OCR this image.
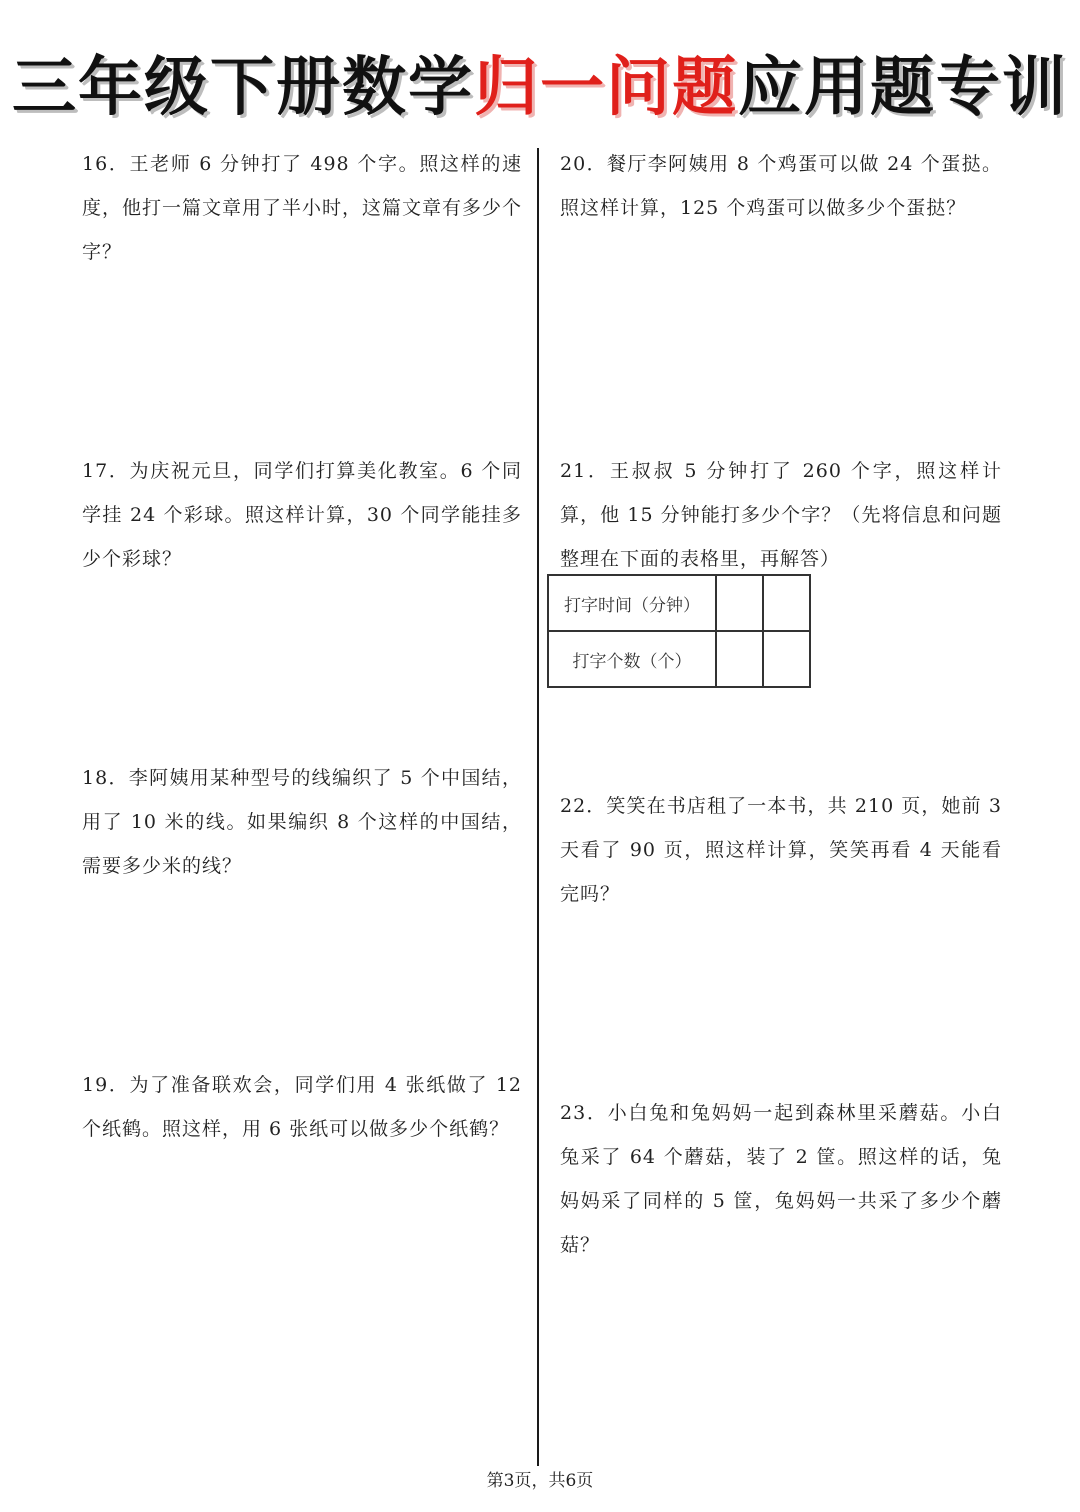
三年级下册数学归一问题应用题专训
16．王老师 6 分钟打了 498 个字。照这样的速度，他打一篇文章用了半小时，这篇文章有多少个字？
17．为庆祝元旦，同学们打算美化教室。6 个同学挂 24 个彩球。照这样计算，30 个同学能挂多少个彩球？
18．李阿姨用某种型号的线编织了 5 个中国结，用了 10 米的线。如果编织 8 个这样的中国结，需要多少米的线？
19．为了准备联欢会，同学们用 4 张纸做了 12 个纸鹤。照这样，用 6 张纸可以做多少个纸鹤？
20．餐厅李阿姨用 8 个鸡蛋可以做 24 个蛋挞。照这样计算，125 个鸡蛋可以做多少个蛋挞？
21．王叔叔 5 分钟打了 260 个字，照这样计算，他 15 分钟能打多少个字？（先将信息和问题整理在下面的表格里，再解答）
打字时间（分钟）		
打字个数（个）		
22．笑笑在书店租了一本书，共 210 页，她前 3 天看了 90 页，照这样计算，笑笑再看 4 天能看完吗？
23．小白兔和兔妈妈一起到森林里采蘑菇。小白兔采了 64 个蘑菇，装了 2 筐。照这样的话，兔妈妈采了同样的 5 筐，兔妈妈一共采了多少个蘑菇？
第3页，共6页
